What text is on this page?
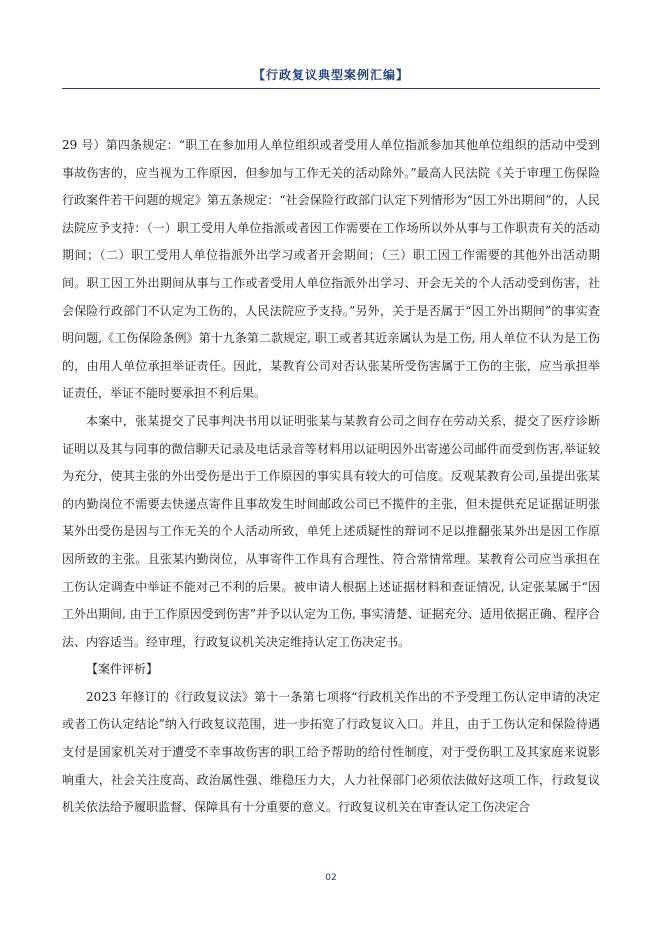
【行政复议典型案例汇编】

29 号）第四条规定：“职工在参加用人单位组织或者受用人单位指派参加其他单位组织的活动中受到事故伤害的，应当视为工作原因，但参加与工作无关的活动除外。”最高人民法院《关于审理工伤保险行政案件若干问题的规定》第五条规定：“社会保险行政部门认定下列情形为“因工外出期间”的，人民法院应予支持：（一）职工受用人单位指派或者因工作需要在工作场所以外从事与工作职责有关的活动期间；（二）职工受用人单位指派外出学习或者开会期间；（三）职工因工作需要的其他外出活动期间。职工因工外出期间从事与工作或者受用人单位指派外出学习、开会无关的个人活动受到伤害，社会保险行政部门不认定为工伤的，人民法院应予支持。”另外，关于是否属于“因工外出期间”的事实查明问题,《工伤保险条例》第十九条第二款规定, 职工或者其近亲属认为是工伤, 用人单位不认为是工伤的，由用人单位承担举证责任。因此，某教育公司对否认张某所受伤害属于工伤的主张，应当承担举证责任，举证不能时要承担不利后果。

本案中，张某提交了民事判决书用以证明张某与某教育公司之间存在劳动关系，提交了医疗诊断证明以及其与同事的微信聊天记录及电话录音等材料用以证明因外出寄递公司邮件而受到伤害,举证较为充分，使其主张的外出受伤是出于工作原因的事实具有较大的可信度。反观某教育公司,虽提出张某的内勤岗位不需要去快递点寄件且事故发生时间邮政公司已不揽件的主张，但未提供充足证据证明张某外出受伤是因与工作无关的个人活动所致，单凭上述质疑性的辩词不足以推翻张某外出是因工作原因所致的主张。且张某内勤岗位，从事寄件工作具有合理性、符合常情常理。某教育公司应当承担在工伤认定调查中举证不能对己不利的后果。被申请人根据上述证据材料和查证情况, 认定张某属于“因工外出期间, 由于工作原因受到伤害”并予以认定为工伤, 事实清楚、证据充分、适用依据正确、程序合法、内容适当。经审理，行政复议机关决定维持认定工伤决定书。

【案件评析】

2023 年修订的《行政复议法》第十一条第七项将“行政机关作出的不予受理工伤认定申请的决定或者工伤认定结论”纳入行政复议范围，进一步拓宽了行政复议入口。并且，由于工伤认定和保险待遇支付是国家机关对于遭受不幸事故伤害的职工给予帮助的给付性制度，对于受伤职工及其家庭来说影响重大，社会关注度高、政治属性强、维稳压力大，人力社保部门必须依法做好这项工作，行政复议机关依法给予履职监督、保障具有十分重要的意义。行政复议机关在审查认定工伤决定合

02
